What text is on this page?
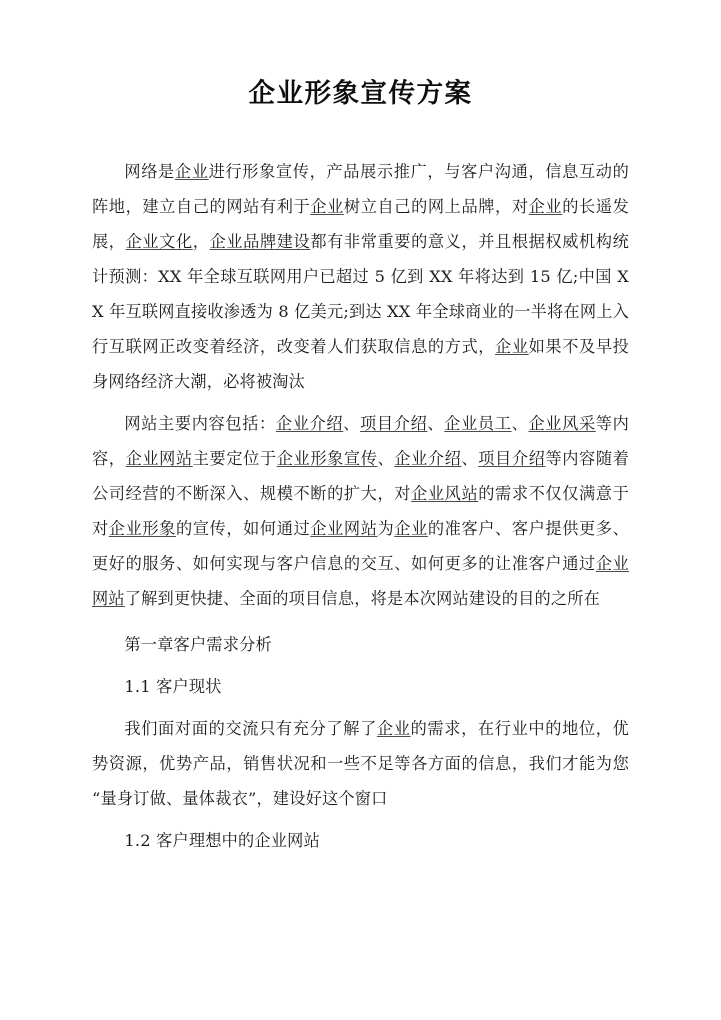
企业形象宣传方案

网络是企业进行形象宣传，产品展示推广，与客户沟通，信息互动的阵地，建立自己的网站有利于企业树立自己的网上品牌，对企业的长遥发展，企业文化，企业品牌建设都有非常重要的意义，并且根据权威机构统计预测：XX 年全球互联网用户已超过 5 亿到 XX 年将达到 15 亿;中国 XX 年互联网直接收渗透为 8 亿美元;到达 XX 年全球商业的一半将在网上入行互联网正改变着经济，改变着人们获取信息的方式，企业如果不及早投身网络经济大潮，必将被淘汰

网站主要内容包括：企业介绍、项目介绍、企业员工、企业风采等内容，企业网站主要定位于企业形象宣传、企业介绍、项目介绍等内容随着公司经营的不断深入、规模不断的扩大，对企业风站的需求不仅仅满意于对企业形象的宣传，如何通过企业网站为企业的准客户、客户提供更多、更好的服务、如何实现与客户信息的交互、如何更多的让准客户通过企业网站了解到更快捷、全面的项目信息，将是本次网站建设的目的之所在

第一章客户需求分析

1.1 客户现状

我们面对面的交流只有充分了解了企业的需求，在行业中的地位，优势资源，优势产品，销售状况和一些不足等各方面的信息，我们才能为您“量身订做、量体裁衣”，建设好这个窗口

1.2 客户理想中的企业网站
